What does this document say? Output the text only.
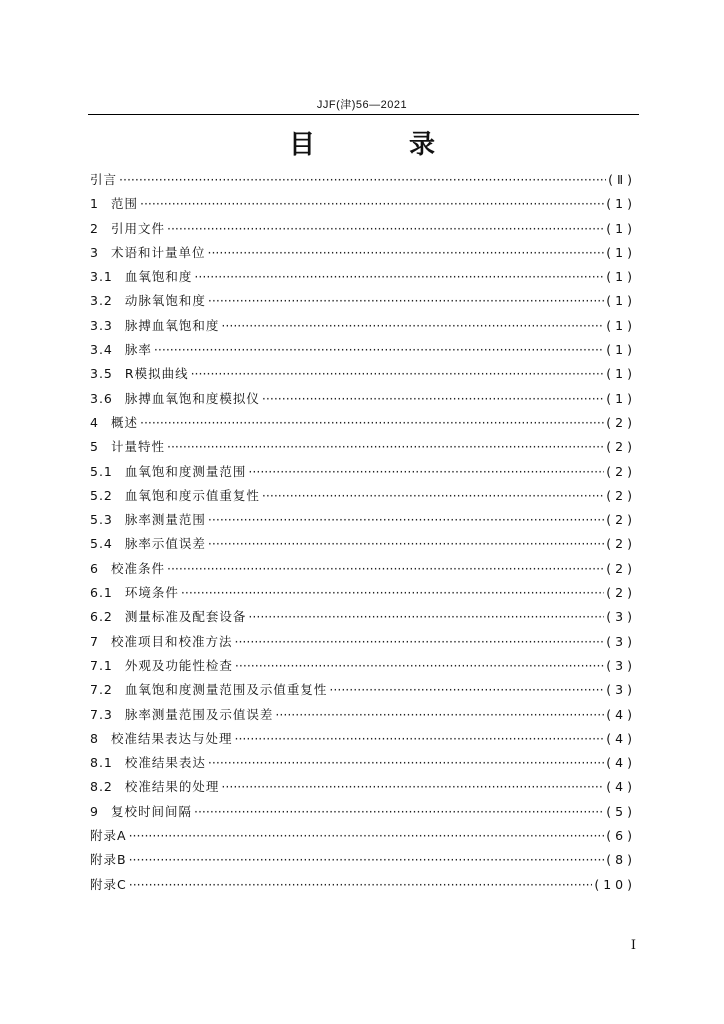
JJF(津)56—2021
目　录
引言 ·····	(Ⅱ)
1 范围 ·····	(1)
2 引用文件 ·····	(1)
3 术语和计量单位 ·····	(1)
3.1 血氧饱和度 ·····	(1)
3.2 动脉氧饱和度 ·····	(1)
3.3 脉搏血氧饱和度 ·····	(1)
3.4 脉率 ·····	(1)
3.5 R模拟曲线 ·····	(1)
3.6 脉搏血氧饱和度模拟仪 ·····	(1)
4 概述 ·····	(2)
5 计量特性 ·····	(2)
5.1 血氧饱和度测量范围 ·····	(2)
5.2 血氧饱和度示值重复性 ·····	(2)
5.3 脉率测量范围 ·····	(2)
5.4 脉率示值误差 ·····	(2)
6 校准条件 ·····	(2)
6.1 环境条件 ·····	(2)
6.2 测量标准及配套设备 ·····	(3)
7 校准项目和校准方法 ·····	(3)
7.1 外观及功能性检查 ·····	(3)
7.2 血氧饱和度测量范围及示值重复性 ·····	(3)
7.3 脉率测量范围及示值误差 ·····	(4)
8 校准结果表达与处理 ·····	(4)
8.1 校准结果表达 ·····	(4)
8.2 校准结果的处理 ·····	(4)
9 复校时间间隔 ·····	(5)
附录A ·····	(6)
附录B ·····	(8)
附录C ·····	(10)
Ⅰ
